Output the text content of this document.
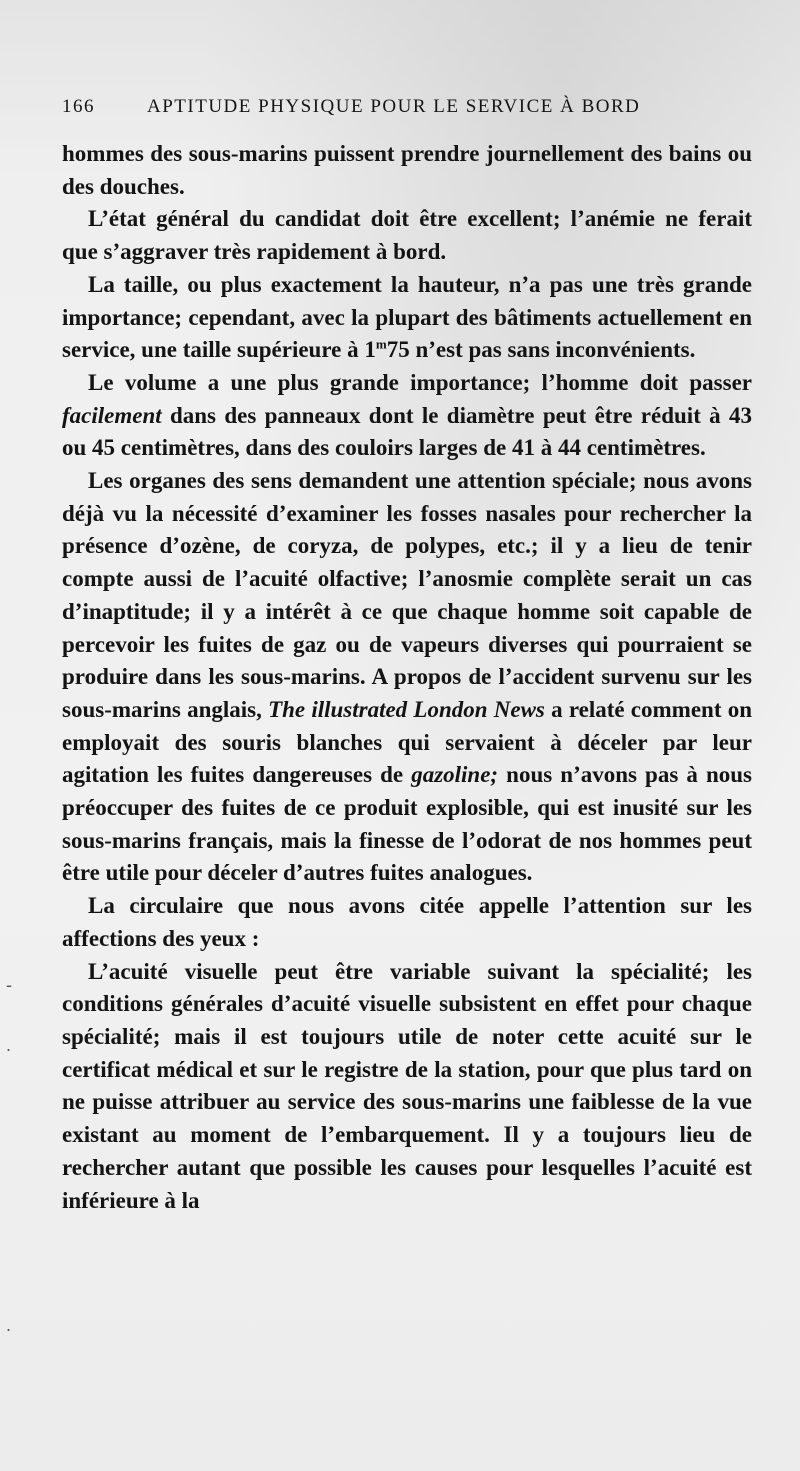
166	APTITUDE PHYSIQUE POUR LE SERVICE À BORD

hommes des sous-marins puissent prendre journellement des bains ou des douches.

L’état général du candidat doit être excellent; l’anémie ne ferait que s’aggraver très rapidement à bord.

La taille, ou plus exactement la hauteur, n’a pas une très grande importance; cependant, avec la plupart des bâtiments actuellement en service, une taille supérieure à 1$^m$75 n’est pas sans inconvénients.

Le volume a une plus grande importance; l’homme doit passer facilement dans des panneaux dont le diamètre peut être réduit à 43 ou 45 centimètres, dans des couloirs larges de 41 à 44 centimètres.

Les organes des sens demandent une attention spéciale; nous avons déjà vu la nécessité d’examiner les fosses nasales pour rechercher la présence d’ozène, de coryza, de polypes, etc.; il y a lieu de tenir compte aussi de l’acuité olfactive; l’anosmie complète serait un cas d’inaptitude; il y a intérêt à ce que chaque homme soit capable de percevoir les fuites de gaz ou de vapeurs diverses qui pourraient se produire dans les sous-marins. A propos de l’accident survenu sur les sous-marins anglais, The illustrated London News a relaté comment on employait des souris blanches qui servaient à déceler par leur agitation les fuites dangereuses de gazoline; nous n’avons pas à nous préoccuper des fuites de ce produit explosible, qui est inusité sur les sous-marins français, mais la finesse de l’odorat de nos hommes peut être utile pour déceler d’autres fuites analogues.

La circulaire que nous avons citée appelle l’attention sur les affections des yeux :

L’acuité visuelle peut être variable suivant la spécialité; les conditions générales d’acuité visuelle subsistent en effet pour chaque spécialité; mais il est toujours utile de noter cette acuité sur le certificat médical et sur le registre de la station, pour que plus tard on ne puisse attribuer au service des sous-marins une faiblesse de la vue existant au moment de l’embarquement. Il y a toujours lieu de rechercher autant que possible les causes pour lesquelles l’acuité est inférieure à la

-
.
.
